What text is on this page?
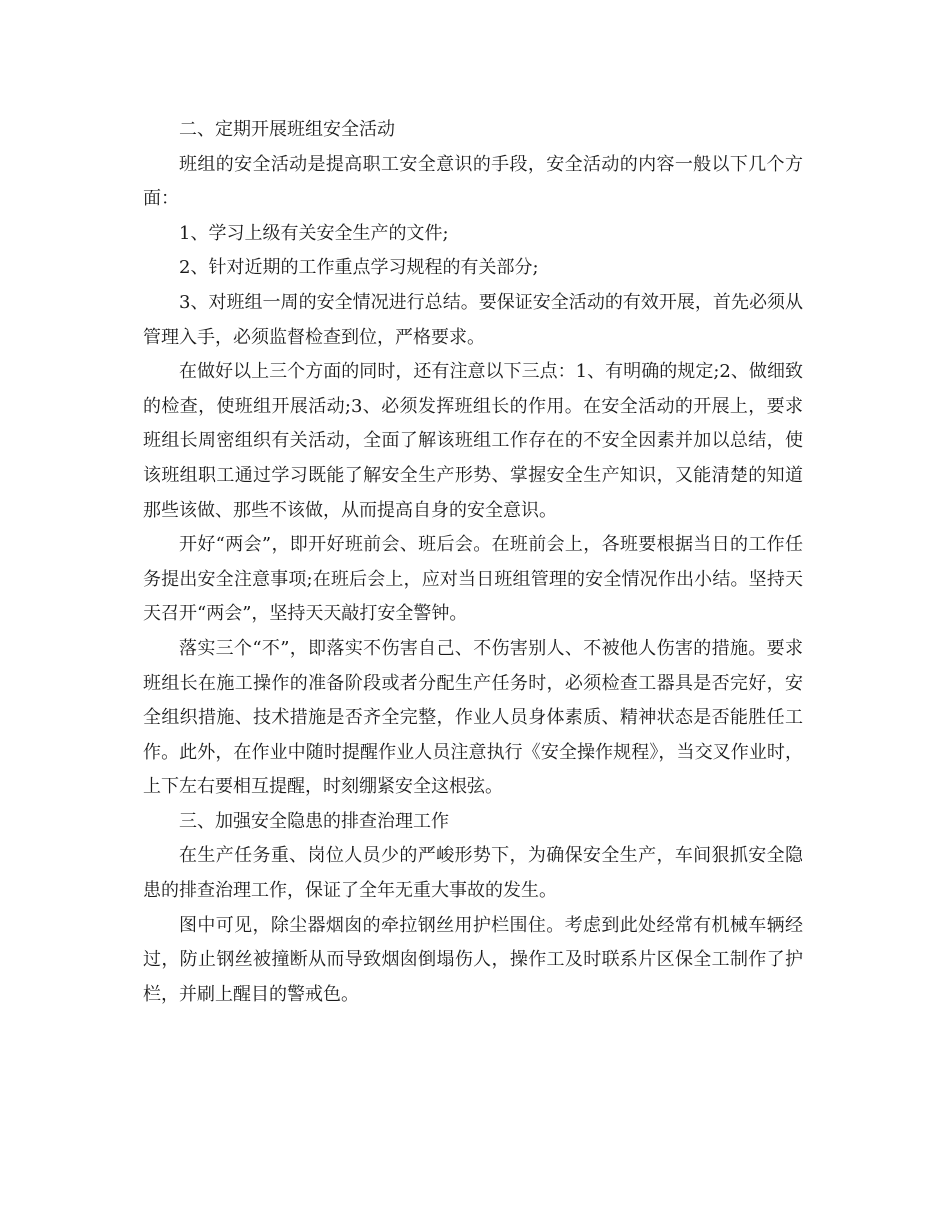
二、定期开展班组安全活动

班组的安全活动是提高职工安全意识的手段，安全活动的内容一般以下几个方面：

1、学习上级有关安全生产的文件;

2、针对近期的工作重点学习规程的有关部分;

3、对班组一周的安全情况进行总结。要保证安全活动的有效开展，首先必须从管理入手，必须监督检查到位，严格要求。

在做好以上三个方面的同时，还有注意以下三点：1、有明确的规定;2、做细致的检查，使班组开展活动;3、必须发挥班组长的作用。在安全活动的开展上，要求班组长周密组织有关活动，全面了解该班组工作存在的不安全因素并加以总结，使该班组职工通过学习既能了解安全生产形势、掌握安全生产知识，又能清楚的知道那些该做、那些不该做，从而提高自身的安全意识。

开好“两会”，即开好班前会、班后会。在班前会上，各班要根据当日的工作任务提出安全注意事项;在班后会上，应对当日班组管理的安全情况作出小结。坚持天天召开“两会”，坚持天天敲打安全警钟。

落实三个“不”，即落实不伤害自己、不伤害别人、不被他人伤害的措施。要求班组长在施工操作的准备阶段或者分配生产任务时，必须检查工器具是否完好，安全组织措施、技术措施是否齐全完整，作业人员身体素质、精神状态是否能胜任工作。此外，在作业中随时提醒作业人员注意执行《安全操作规程》，当交叉作业时，上下左右要相互提醒，时刻绷紧安全这根弦。

三、加强安全隐患的排查治理工作

在生产任务重、岗位人员少的严峻形势下，为确保安全生产，车间狠抓安全隐患的排查治理工作，保证了全年无重大事故的发生。

图中可见，除尘器烟囱的牵拉钢丝用护栏围住。考虑到此处经常有机械车辆经过，防止钢丝被撞断从而导致烟囱倒塌伤人，操作工及时联系片区保全工制作了护栏，并刷上醒目的警戒色。
